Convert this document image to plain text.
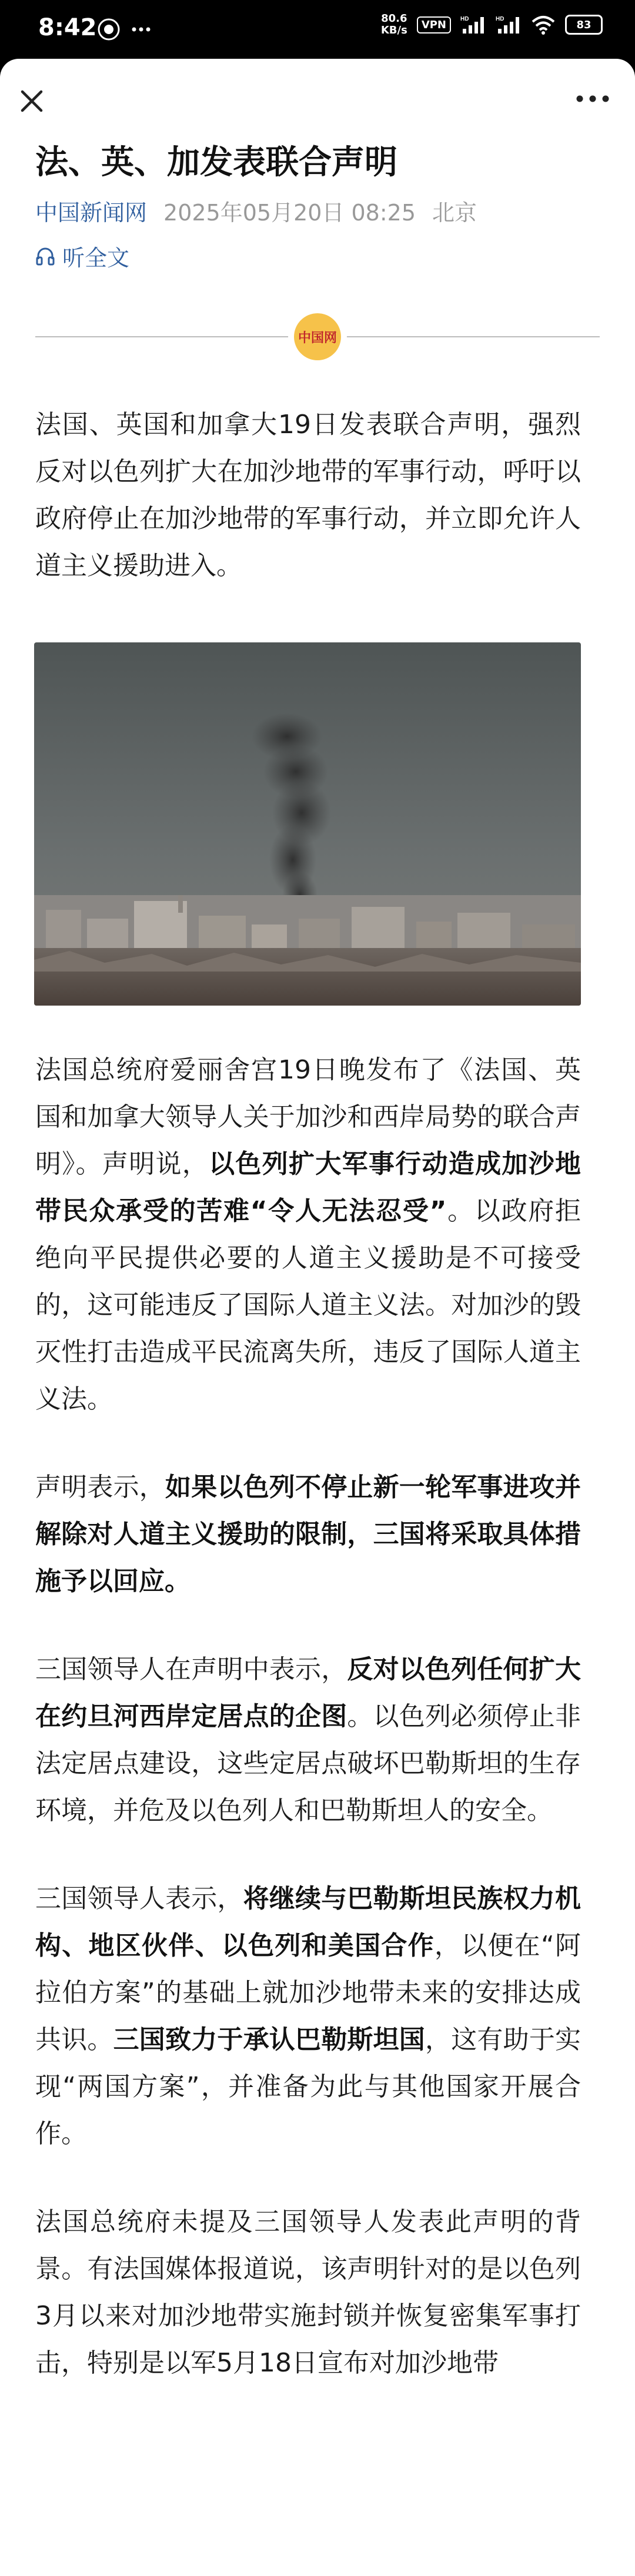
8:42	80.6
KB/s	VPN	HD	HD	83
法、英、加发表联合声明
中国新闻网 2025年05月20日 08:25 北京
听全文
中国网

法国、英国和加拿大19日发表联合声明，强烈反对以色列扩大在加沙地带的军事行动，呼吁以政府停止在加沙地带的军事行动，并立即允许人道主义援助进入。

法国总统府爱丽舍宫19日晚发布了《法国、英国和加拿大领导人关于加沙和西岸局势的联合声明》。声明说，以色列扩大军事行动造成加沙地带民众承受的苦难“令人无法忍受”。以政府拒绝向平民提供必要的人道主义援助是不可接受的，这可能违反了国际人道主义法。对加沙的毁灭性打击造成平民流离失所，违反了国际人道主义法。

声明表示，如果以色列不停止新一轮军事进攻并解除对人道主义援助的限制，三国将采取具体措施予以回应。

三国领导人在声明中表示，反对以色列任何扩大在约旦河西岸定居点的企图。以色列必须停止非法定居点建设，这些定居点破坏巴勒斯坦的生存环境，并危及以色列人和巴勒斯坦人的安全。

三国领导人表示，将继续与巴勒斯坦民族权力机构、地区伙伴、以色列和美国合作，以便在“阿拉伯方案”的基础上就加沙地带未来的安排达成共识。三国致力于承认巴勒斯坦国，这有助于实现“两国方案”，并准备为此与其他国家开展合作。

法国总统府未提及三国领导人发表此声明的背景。有法国媒体报道说，该声明针对的是以色列3月以来对加沙地带实施封锁并恢复密集军事打击，特别是以军5月18日宣布对加沙地带
